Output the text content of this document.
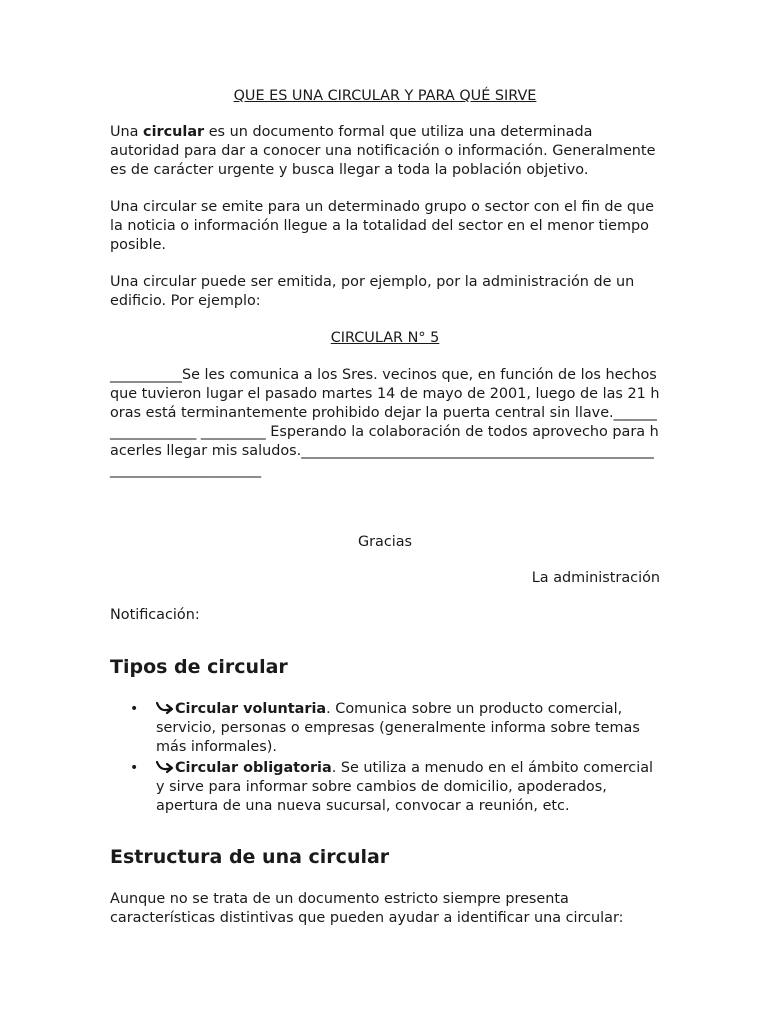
QUE ES UNA CIRCULAR Y PARA QUÉ SIRVE

Una circular es un documento formal que utiliza una determinada autoridad para dar a conocer una notificación o información. Generalmente es de carácter urgente y busca llegar a toda la población objetivo.

Una circular se emite para un determinado grupo o sector con el fin de que la noticia o información llegue a la totalidad del sector en el menor tiempo posible.

Una circular puede ser emitida, por ejemplo, por la administración de un edificio. Por ejemplo:

CIRCULAR N° 5

__________Se les comunica a los Sres. vecinos que, en función de los hechos que tuvieron lugar el pasado martes 14 de mayo de 2001, luego de las 21 horas está terminantemente prohibido dejar la puerta central sin llave.__________________ _________ Esperando la colaboración de todos aprovecho para hacerles llegar mis saludos.______________________________________________________________________

Gracias

La administración

Notificación:

Tipos de circular
•	Circular voluntaria. Comunica sobre un producto comercial, servicio, personas o empresas (generalmente informa sobre temas más informales).
•	Circular obligatoria. Se utiliza a menudo en el ámbito comercial y sirve para informar sobre cambios de domicilio, apoderados, apertura de una nueva sucursal, convocar a reunión, etc.
Estructura de una circular

Aunque no se trata de un documento estricto siempre presenta características distintivas que pueden ayudar a identificar una circular:
